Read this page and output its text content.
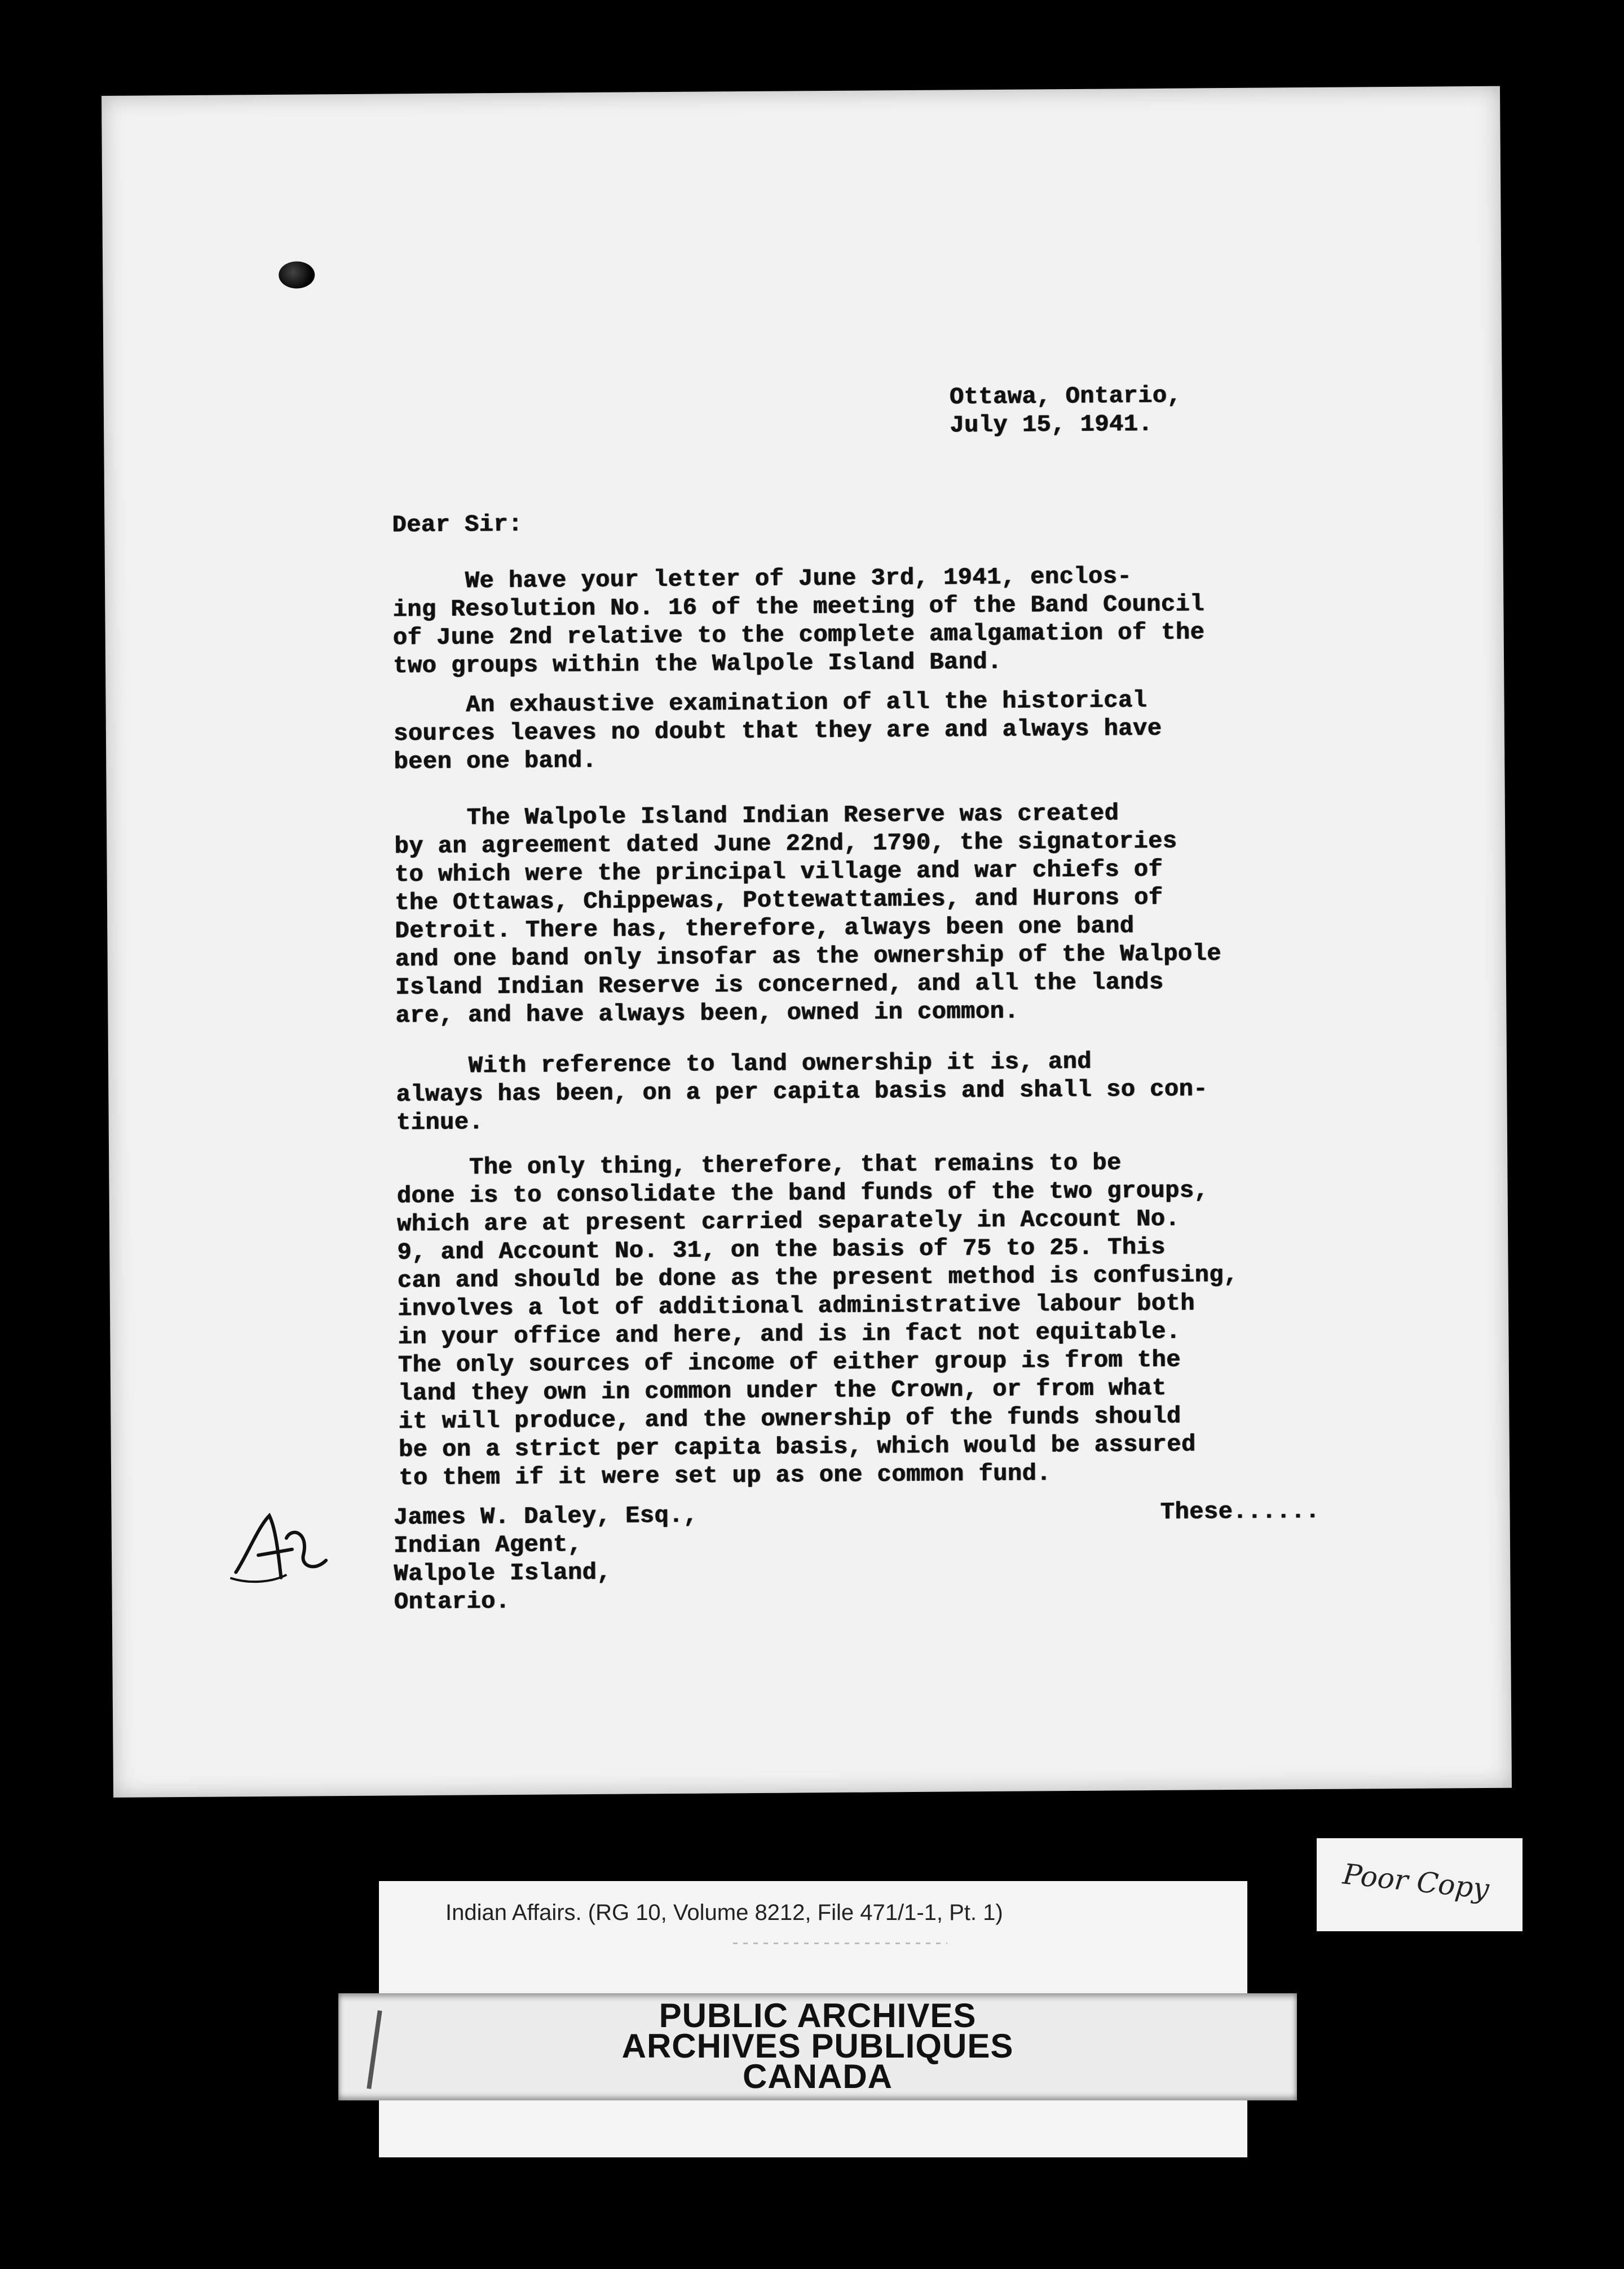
Ottawa, Ontario,
July 15, 1941.
Dear Sir:
We have your letter of June 3rd, 1941, enclos-
ing Resolution No. 16 of the meeting of the Band Council
of June 2nd relative to the complete amalgamation of the
two groups within the Walpole Island Band.
An exhaustive examination of all the historical
sources leaves no doubt that they are and always have
been one band.
The Walpole Island Indian Reserve was created
by an agreement dated June 22nd, 1790, the signatories
to which were the principal village and war chiefs of
the Ottawas, Chippewas, Pottewattamies, and Hurons of
Detroit. There has, therefore, always been one band
and one band only insofar as the ownership of the Walpole
Island Indian Reserve is concerned, and all the lands
are, and have always been, owned in common.
With reference to land ownership it is, and
always has been, on a per capita basis and shall so con-
tinue.
The only thing, therefore, that remains to be
done is to consolidate the band funds of the two groups,
which are at present carried separately in Account No.
9, and Account No. 31, on the basis of 75 to 25. This
can and should be done as the present method is confusing,
involves a lot of additional administrative labour both
in your office and here, and is in fact not equitable.
The only sources of income of either group is from the
land they own in common under the Crown, or from what
it will produce, and the ownership of the funds should
be on a strict per capita basis, which would be assured
to them if it were set up as one common fund.
These......
James W. Daley, Esq.,
Indian Agent,
Walpole Island,
Ontario.
Indian Affairs. (RG 10, Volume 8212, File 471/1-1, Pt. 1)
PUBLIC ARCHIVES
ARCHIVES PUBLIQUES
CANADA
Poor Copy
